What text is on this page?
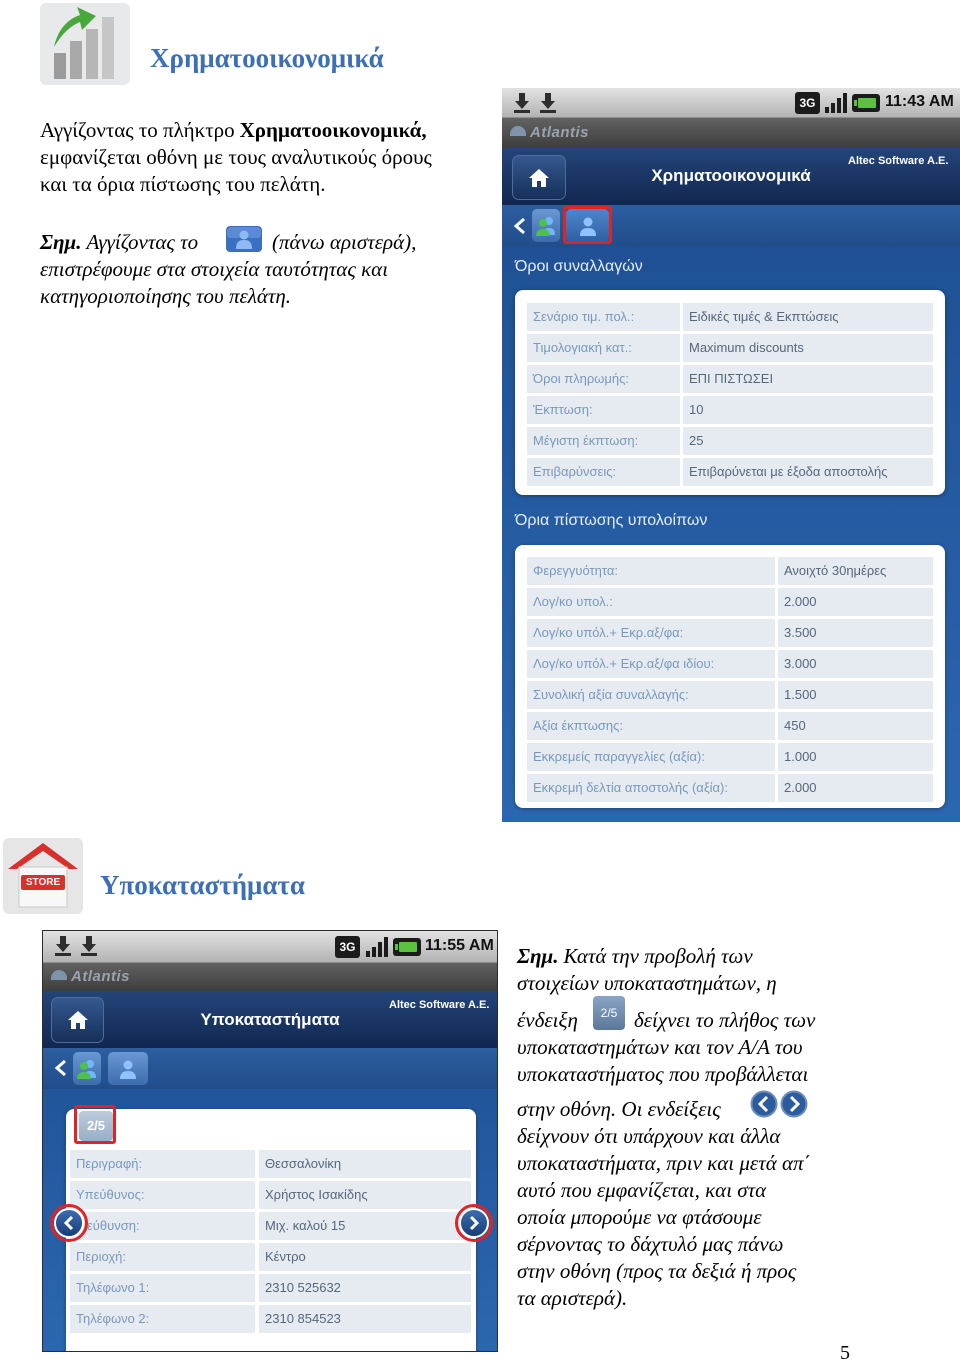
Χρηματοοικονομικά
Αγγίζοντας το πλήκτρο Χρηματοοικονομικά,
εμφανίζεται οθόνη με τους αναλυτικούς όρους
και τα όρια πίστωσης του πελάτη.
Σημ. Αγγίζοντας το	(πάνω αριστερά),
επιστρέφουμε στα στοιχεία ταυτότητας και
κατηγοριοποίησης του πελάτη.
3G	11:43 AM
Atlantis
Χρηματοοικονομικά
Altec Software A.E.
Όροι συναλλαγών
Σενάριο τιμ. πολ.:	Ειδικές τιμές & Εκπτώσεις
Τιμολογιακή κατ.:	Maximum discounts
Όροι πληρωμής:	ΕΠΙ ΠΙΣΤΩΣΕΙ
Έκπτωση:	10
Μέγιστη έκπτωση:	25
Επιβαρύνσεις:	Επιβαρύνεται με έξοδα αποστολής
Όρια πίστωσης υπολοίπων
Φερεγγυότητα:	Ανοιχτό 30ημέρες
Λογ/κο υπολ.:	2.000
Λογ/κο υπόλ.+ Εκρ.αξ/φα:	3.500
Λογ/κο υπόλ.+ Εκρ.αξ/φα ιδίου:	3.000
Συνολική αξία συναλλαγής:	1.500
Αξία έκπτωσης:	450
Εκκρεμείς παραγγελίες (αξία):	1.000
Εκκρεμή δελτία αποστολής (αξία):	2.000
STORE Υποκαταστήματα
3G	11:55 AM
Atlantis
Υποκαταστήματα
Altec Software A.E.
Περιγραφή:	Θεσσαλονίκη
Υπεύθυνος:	Χρήστος Ισακίδης
εύθυνση:	Μιχ. καλού 15
Περιοχή:	Κέντρο
Τηλέφωνο 1:	2310 525632
Τηλέφωνο 2:	2310 854523
2/5
Σημ. Κατά την προβολή των
στοιχείων υποκαταστημάτων, η
ένδειξη	2/5 δείχνει το πλήθος των
υποκαταστημάτων και τον Α/Α του
υποκαταστήματος που προβάλλεται
στην οθόνη. Οι ενδείξεις
δείχνουν ότι υπάρχουν και άλλα
υποκαταστήματα, πριν και μετά απ΄
αυτό που εμφανίζεται, και στα
οποία μπορούμε να φτάσουμε
σέρνοντας το δάχτυλό μας πάνω
στην οθόνη (προς τα δεξιά ή προς
τα αριστερά).
5
